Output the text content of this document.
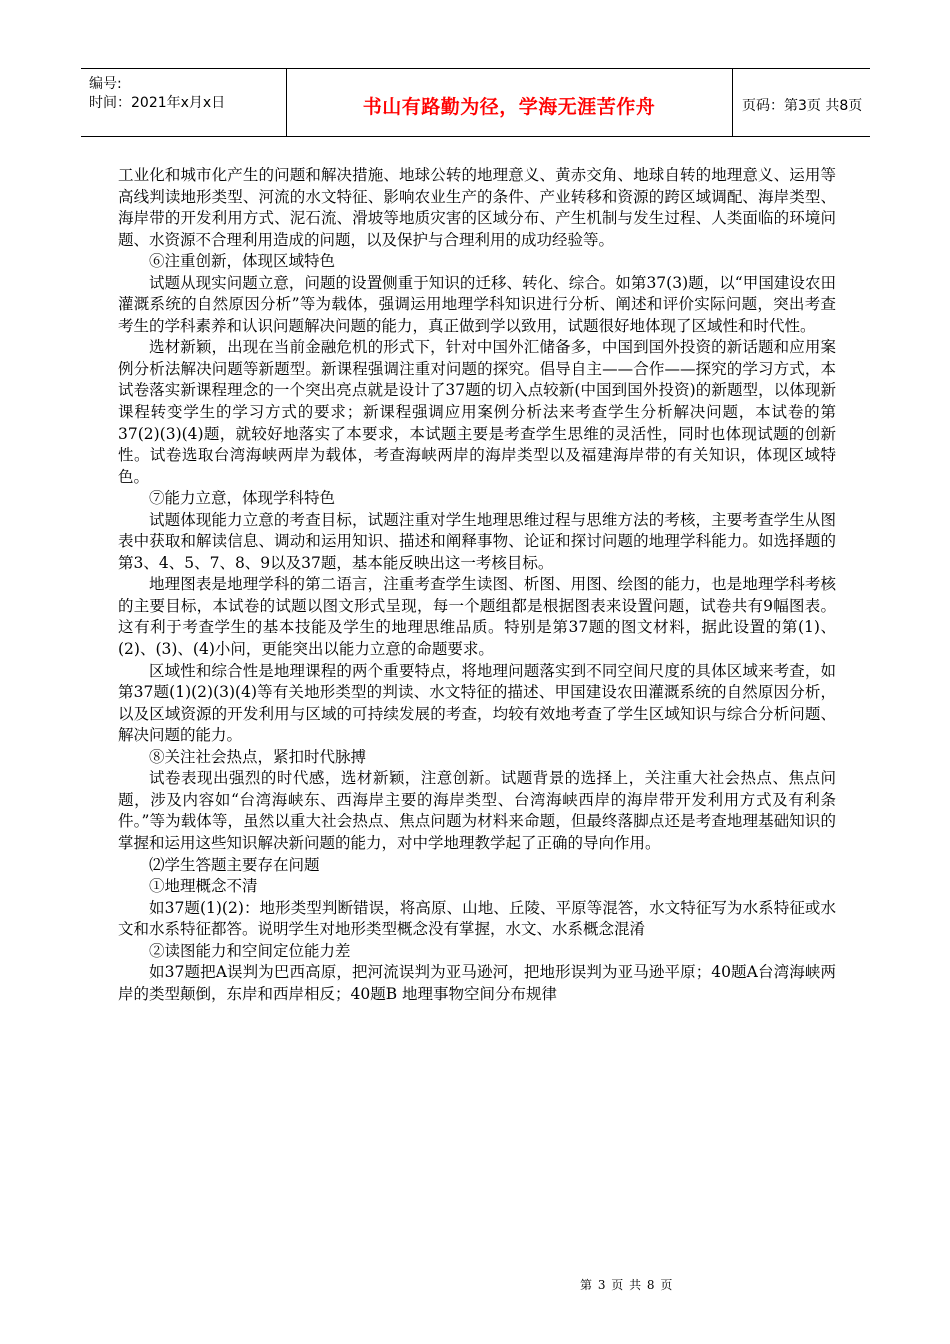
编号:
时间：2021年x月x日	书山有路勤为径，学海无涯苦作舟	页码：第3页 共8页

工业化和城市化产生的问题和解决措施、地球公转的地理意义、黄赤交角、地球自转的地理意义、运用等高线判读地形类型、河流的水文特征、影响农业生产的条件、产业转移和资源的跨区域调配、海岸类型、海岸带的开发利用方式、泥石流、滑坡等地质灾害的区域分布、产生机制与发生过程、人类面临的环境问题、水资源不合理利用造成的问题，以及保护与合理利用的成功经验等。

⑥注重创新，体现区域特色

试题从现实问题立意，问题的设置侧重于知识的迁移、转化、综合。如第37(3)题，以“甲国建设农田灌溉系统的自然原因分析”等为载体，强调运用地理学科知识进行分析、阐述和评价实际问题，突出考查考生的学科素养和认识问题解决问题的能力，真正做到学以致用，试题很好地体现了区域性和时代性。

选材新颖，出现在当前金融危机的形式下，针对中国外汇储备多，中国到国外投资的新话题和应用案例分析法解决问题等新题型。新课程强调注重对问题的探究。倡导自主——合作——探究的学习方式，本试卷落实新课程理念的一个突出亮点就是设计了37题的切入点较新(中国到国外投资)的新题型，以体现新课程转变学生的学习方式的要求；新课程强调应用案例分析法来考查学生分析解决问题，本试卷的第37(2)(3)(4)题，就较好地落实了本要求，本试题主要是考查学生思维的灵活性，同时也体现试题的创新性。试卷选取台湾海峡两岸为载体，考查海峡两岸的海岸类型以及福建海岸带的有关知识，体现区域特色。

⑦能力立意，体现学科特色

试题体现能力立意的考查目标，试题注重对学生地理思维过程与思维方法的考核，主要考查学生从图表中获取和解读信息、调动和运用知识、描述和阐释事物、论证和探讨问题的地理学科能力。如选择题的第3、4、5、7、8、9以及37题，基本能反映出这一考核目标。

地理图表是地理学科的第二语言，注重考查学生读图、析图、用图、绘图的能力，也是地理学科考核的主要目标，本试卷的试题以图文形式呈现，每一个题组都是根据图表来设置问题，试卷共有9幅图表。这有利于考查学生的基本技能及学生的地理思维品质。特别是第37题的图文材料，据此设置的第(1)、(2)、(3)、(4)小问，更能突出以能力立意的命题要求。

区域性和综合性是地理课程的两个重要特点，将地理问题落实到不同空间尺度的具体区域来考查，如第37题(1)(2)(3)(4)等有关地形类型的判读、水文特征的描述、甲国建设农田灌溉系统的自然原因分析，以及区域资源的开发利用与区域的可持续发展的考查，均较有效地考查了学生区域知识与综合分析问题、解决问题的能力。

⑧关注社会热点，紧扣时代脉搏

试卷表现出强烈的时代感，选材新颖，注意创新。试题背景的选择上，关注重大社会热点、焦点问题，涉及内容如“台湾海峡东、西海岸主要的海岸类型、台湾海峡西岸的海岸带开发利用方式及有利条件。”等为载体等，虽然以重大社会热点、焦点问题为材料来命题，但最终落脚点还是考查地理基础知识的掌握和运用这些知识解决新问题的能力，对中学地理教学起了正确的导向作用。

⑵学生答题主要存在问题

①地理概念不清

如37题(1)(2)：地形类型判断错误，将高原、山地、丘陵、平原等混答，水文特征写为水系特征或水文和水系特征都答。说明学生对地形类型概念没有掌握，水文、水系概念混淆

②读图能力和空间定位能力差

如37题把A误判为巴西高原，把河流误判为亚马逊河，把地形误判为亚马逊平原；40题A台湾海峡两岸的类型颠倒，东岸和西岸相反；40题B 地理事物空间分布规律

第 3 页 共 8 页
